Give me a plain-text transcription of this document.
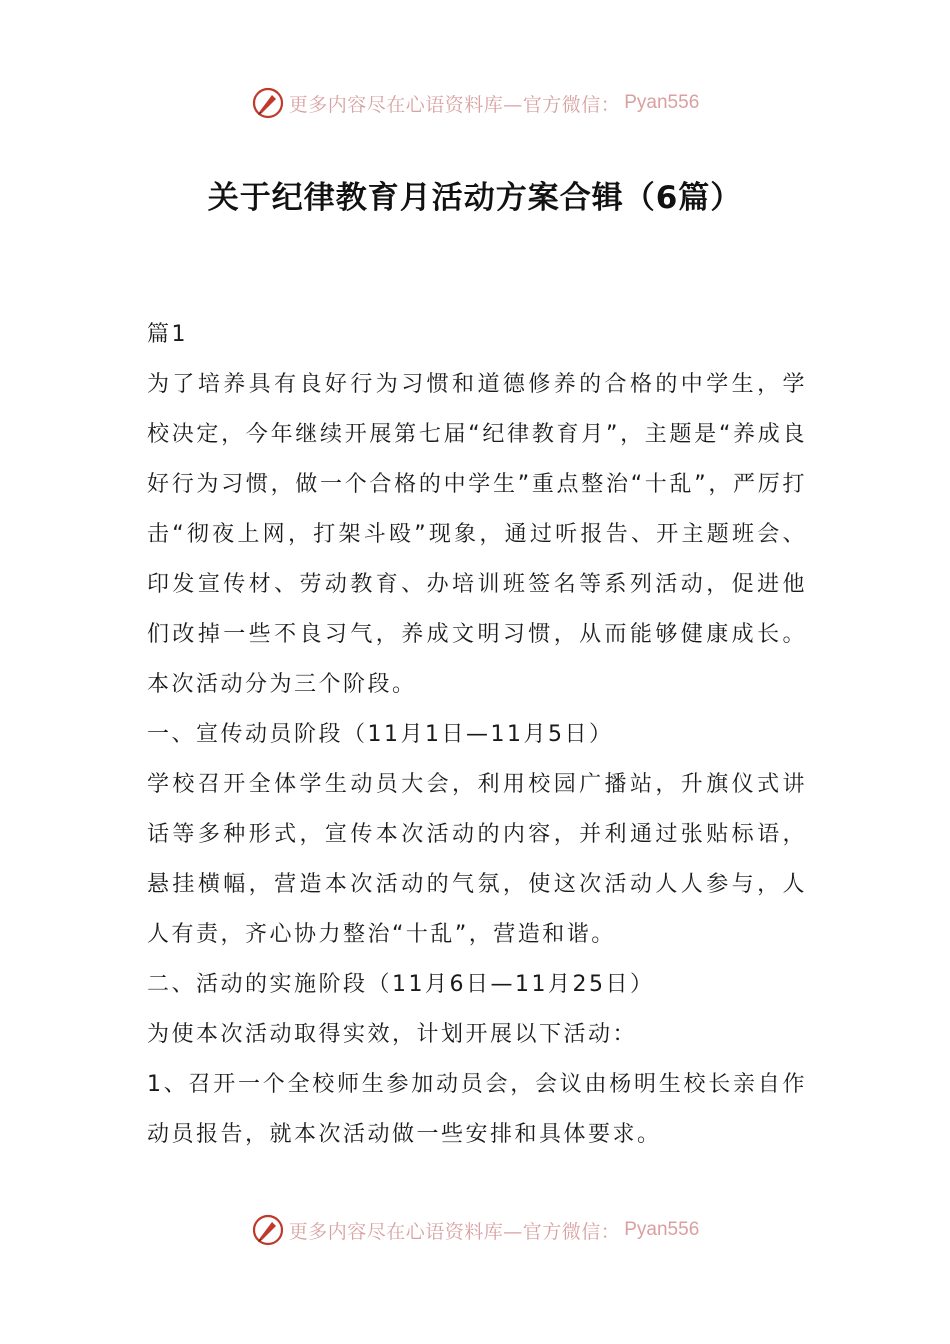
更多内容尽在心语资料库—官方微信： Pyan556
关于纪律教育月活动方案合辑（6篇）

篇1

为了培养具有良好行为习惯和道德修养的合格的中学生，学校决定，今年继续开展第七届“纪律教育月”，主题是“养成良好行为习惯，做一个合格的中学生”重点整治“十乱”，严厉打击“彻夜上网，打架斗殴”现象，通过听报告、开主题班会、印发宣传材、劳动教育、办培训班签名等系列活动，促进他们改掉一些不良习气，养成文明习惯，从而能够健康成长。本次活动分为三个阶段。

一、宣传动员阶段（11月1日—11月5日）

学校召开全体学生动员大会，利用校园广播站，升旗仪式讲话等多种形式，宣传本次活动的内容，并利通过张贴标语，悬挂横幅，营造本次活动的气氛，使这次活动人人参与，人人有责，齐心协力整治“十乱”，营造和谐。

二、活动的实施阶段（11月6日—11月25日）

为使本次活动取得实效，计划开展以下活动：

1、召开一个全校师生参加动员会，会议由杨明生校长亲自作动员报告，就本次活动做一些安排和具体要求。

更多内容尽在心语资料库—官方微信： Pyan556
